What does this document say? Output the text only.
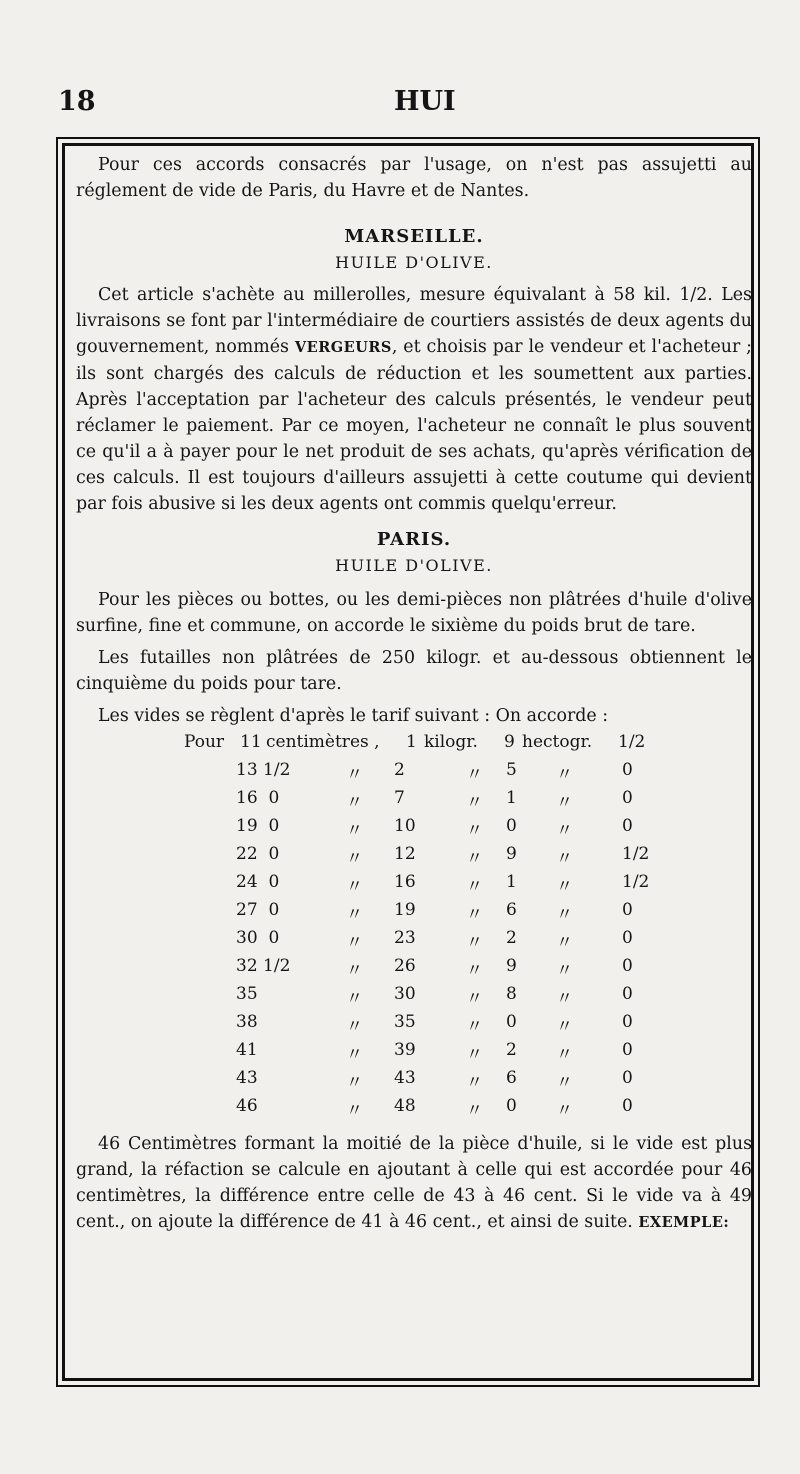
18	HUI

Pour ces accords consacrés par l'usage, on n'est pas assujetti au réglement de vide de Paris, du Havre et de Nantes.

MARSEILLE.
HUILE D'OLIVE.

Cet article s'achète au millerolles, mesure équivalant à 58 kil. 1/2. Les livraisons se font par l'intermédiaire de courtiers assistés de deux agents du gouvernement, nommés VERGEURS, et choisis par le vendeur et l'acheteur ; ils sont chargés des calculs de réduction et les soumettent aux parties. Après l'acceptation par l'acheteur des calculs présentés, le vendeur peut réclamer le paiement. Par ce moyen, l'acheteur ne connaît le plus souvent ce qu'il a à payer pour le net produit de ses achats, qu'après vérification de ces calculs. Il est toujours d'ailleurs assujetti à cette coutume qui devient par fois abusive si les deux agents ont commis quelqu'erreur.

PARIS.
HUILE D'OLIVE.

Pour les pièces ou bottes, ou les demi-pièces non plâtrées d'huile d'olive surfine, fine et commune, on accorde le sixième du poids brut de tare.

Les futailles non plâtrées de 250 kilogr. et au-dessous obtiennent le cinquième du poids pour tare.

Les vides se règlent d'après le tarif suivant : On accorde :

Pour 11 centimètres , 1 kilogr. 9 hectogr. 1/2
13 1/2	〃 2	〃 5 〃	0
16  0	〃 7	〃 1 〃	0
19  0	〃 10	〃 0 〃	0
22  0	〃 12	〃 9 〃	1/2
24  0	〃 16	〃 1 〃	1/2
27  0	〃 19	〃 6 〃	0
30  0	〃 23	〃 2 〃	0
32 1/2	〃 26	〃 9 〃	0
35	〃 30	〃 8 〃	0
38	〃 35	〃 0 〃	0
41	〃 39	〃 2 〃	0
43	〃 43	〃 6 〃	0
46	〃 48	〃 0 〃	0

46 Centimètres formant la moitié de la pièce d'huile, si le vide est plus grand, la réfaction se calcule en ajoutant à celle qui est accordée pour 46 centimètres, la différence entre celle de 43 à 46 cent. Si le vide va à 49 cent., on ajoute la différence de 41 à 46 cent., et ainsi de suite. EXEMPLE:
